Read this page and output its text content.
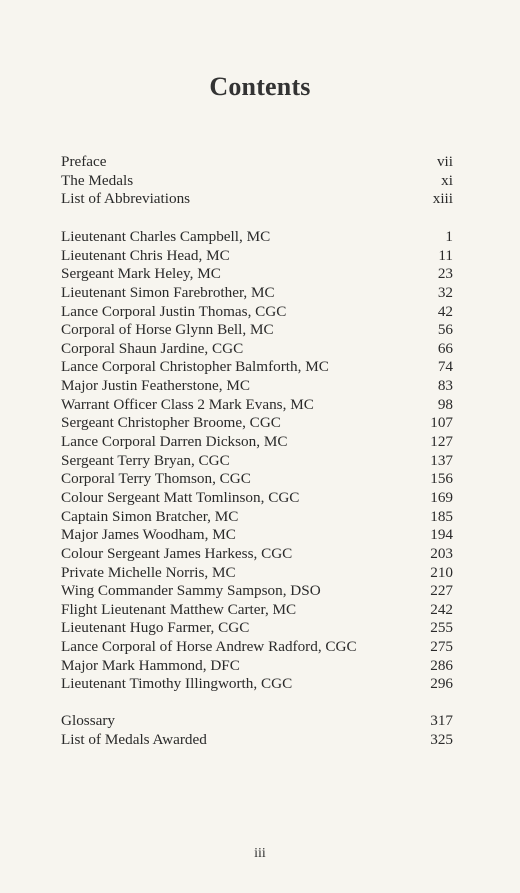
Contents
Preface	vii
The Medals	xi
List of Abbreviations	xiii
Lieutenant Charles Campbell, MC	1
Lieutenant Chris Head, MC	11
Sergeant Mark Heley, MC	23
Lieutenant Simon Farebrother, MC	32
Lance Corporal Justin Thomas, CGC	42
Corporal of Horse Glynn Bell, MC	56
Corporal Shaun Jardine, CGC	66
Lance Corporal Christopher Balmforth, MC	74
Major Justin Featherstone, MC	83
Warrant Officer Class 2 Mark Evans, MC	98
Sergeant Christopher Broome, CGC	107
Lance Corporal Darren Dickson, MC	127
Sergeant Terry Bryan, CGC	137
Corporal Terry Thomson, CGC	156
Colour Sergeant Matt Tomlinson, CGC	169
Captain Simon Bratcher, MC	185
Major James Woodham, MC	194
Colour Sergeant James Harkess, CGC	203
Private Michelle Norris, MC	210
Wing Commander Sammy Sampson, DSO	227
Flight Lieutenant Matthew Carter, MC	242
Lieutenant Hugo Farmer, CGC	255
Lance Corporal of Horse Andrew Radford, CGC	275
Major Mark Hammond, DFC	286
Lieutenant Timothy Illingworth, CGC	296
Glossary	317
List of Medals Awarded	325
iii
